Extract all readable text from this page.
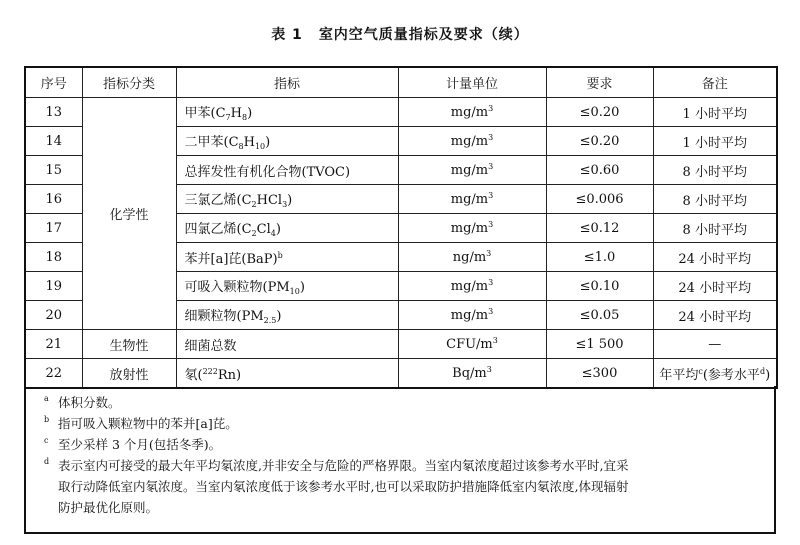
表 1 室内空气质量指标及要求（续）
序号	指标分类	指标	计量单位	要求	备注
13	化学性	甲苯$(C_7H_8)$	$mg/m^3$	≤0.20	1 小时平均
14		二甲苯$(C_8H_{10})$	$mg/m^3$	≤0.20	1 小时平均
15		总挥发性有机化合物(TVOC)	$mg/m^3$	≤0.60	8 小时平均
16		三氯乙烯$(C_2HCl_3)$	$mg/m^3$	≤0.006	8 小时平均
17		四氯乙烯$(C_2Cl_4)$	$mg/m^3$	≤0.12	8 小时平均
18		苯并[a]芘(BaP)$^b$	$ng/m^3$	≤1.0	24 小时平均
19		可吸入颗粒物$(PM_{10})$	$mg/m^3$	≤0.10	24 小时平均
20		细颗粒物$(PM_{2.5})$	$mg/m^3$	≤0.05	24 小时平均
21	生物性	细菌总数	CFU/$m^3$	≤1 500	—
22	放射性	氡($^{222}$Rn)	$Bq/m^3$	≤300	年平均$^c$(参考水平$^d$)
a 体积分数。
b 指可吸入颗粒物中的苯并[a]芘。
c 至少采样 3 个月(包括冬季)。
d 表示室内可接受的最大年平均氡浓度,并非安全与危险的严格界限。当室内氡浓度超过该参考水平时,宜采
取行动降低室内氡浓度。当室内氡浓度低于该参考水平时,也可以采取防护措施降低室内氡浓度,体现辐射
防护最优化原则。
